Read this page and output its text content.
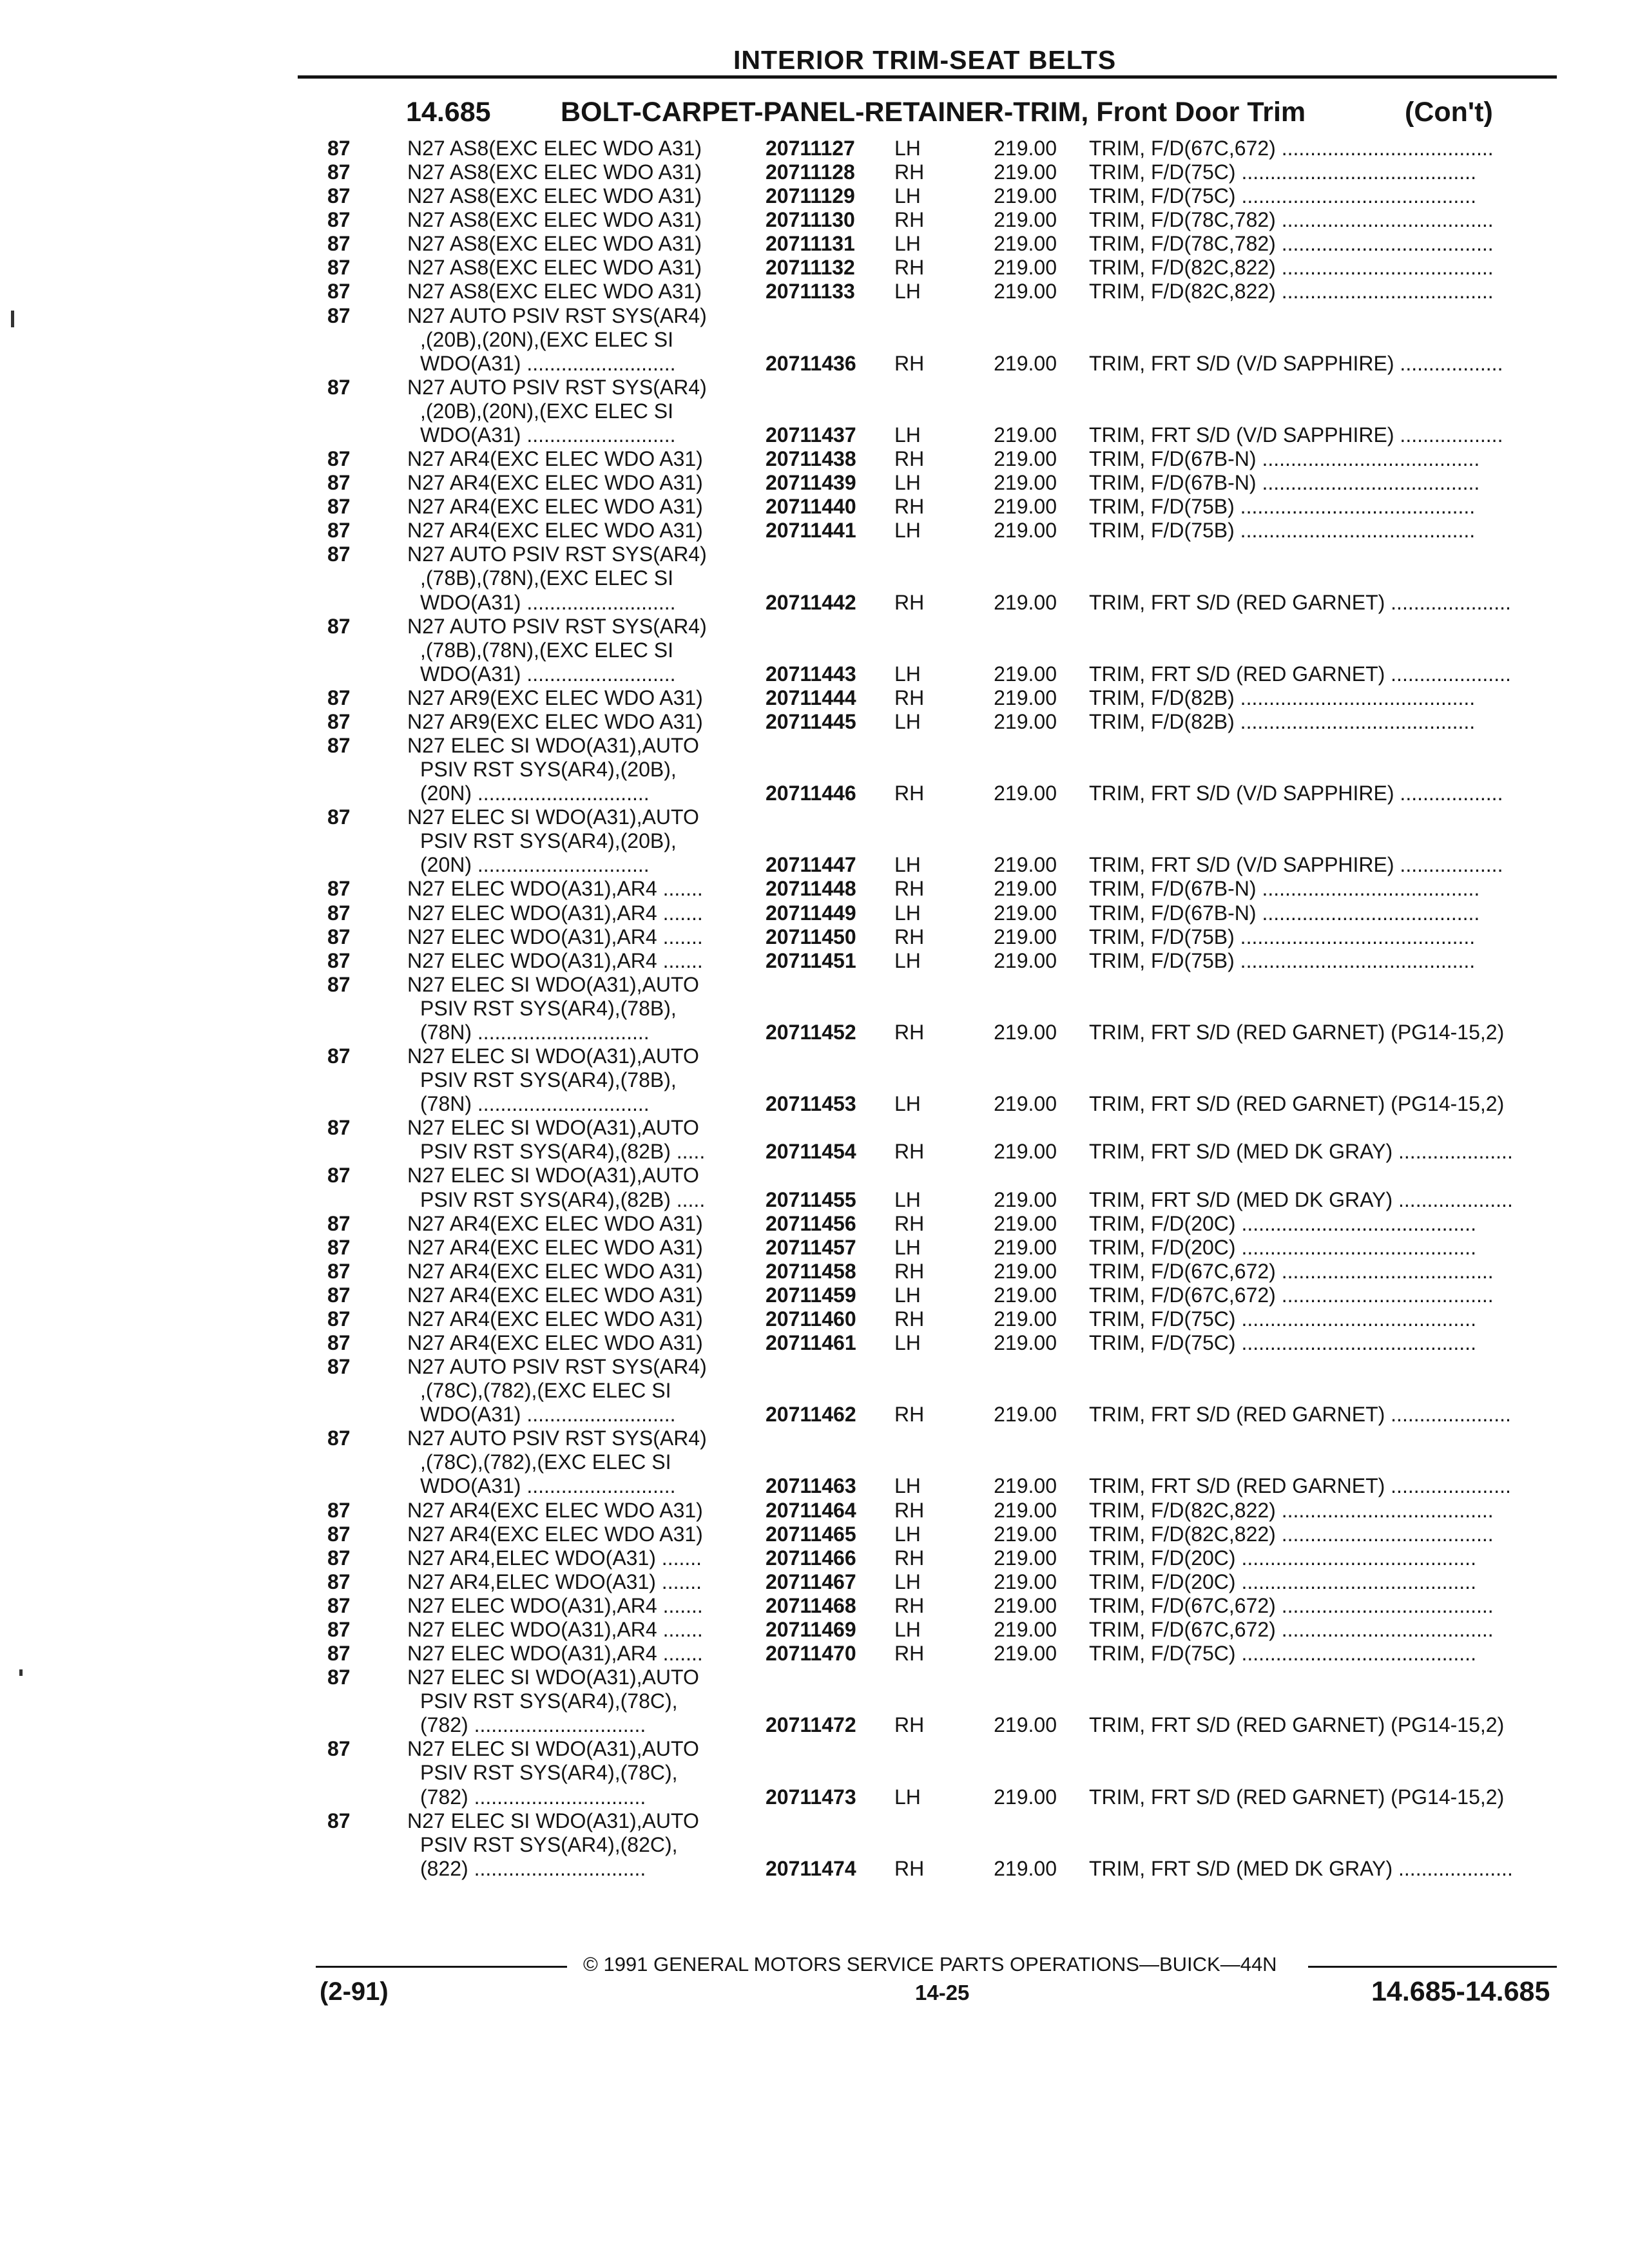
INTERIOR TRIM-SEAT BELTS
14.685	BOLT-CARPET-PANEL-RETAINER-TRIM, Front Door Trim	(Con't)
87	N27 AS8(EXC ELEC WDO A31)	20711127 LH	219.00 TRIM, F/D(67C,672) .....................................
87	N27 AS8(EXC ELEC WDO A31)	20711128 RH	219.00 TRIM, F/D(75C) .........................................
87	N27 AS8(EXC ELEC WDO A31)	20711129 LH	219.00 TRIM, F/D(75C) .........................................
87	N27 AS8(EXC ELEC WDO A31)	20711130 RH	219.00 TRIM, F/D(78C,782) .....................................
87	N27 AS8(EXC ELEC WDO A31)	20711131 LH	219.00 TRIM, F/D(78C,782) .....................................
87	N27 AS8(EXC ELEC WDO A31)	20711132 RH	219.00 TRIM, F/D(82C,822) .....................................
87	N27 AS8(EXC ELEC WDO A31)	20711133 LH	219.00 TRIM, F/D(82C,822) .....................................
87	N27 AUTO PSIV RST SYS(AR4)
,(20B),(20N),(EXC ELEC SI
WDO(A31) ..........................	20711436 RH	219.00 TRIM, FRT S/D (V/D SAPPHIRE) ..................
87	N27 AUTO PSIV RST SYS(AR4)
,(20B),(20N),(EXC ELEC SI
WDO(A31) ..........................	20711437 LH	219.00 TRIM, FRT S/D (V/D SAPPHIRE) ..................
87	N27 AR4(EXC ELEC WDO A31)	20711438 RH	219.00 TRIM, F/D(67B-N) ......................................
87	N27 AR4(EXC ELEC WDO A31)	20711439 LH	219.00 TRIM, F/D(67B-N) ......................................
87	N27 AR4(EXC ELEC WDO A31)	20711440 RH	219.00 TRIM, F/D(75B) .........................................
87	N27 AR4(EXC ELEC WDO A31)	20711441 LH	219.00 TRIM, F/D(75B) .........................................
87	N27 AUTO PSIV RST SYS(AR4)
,(78B),(78N),(EXC ELEC SI
WDO(A31) ..........................	20711442 RH	219.00 TRIM, FRT S/D (RED GARNET) .....................
87	N27 AUTO PSIV RST SYS(AR4)
,(78B),(78N),(EXC ELEC SI
WDO(A31) ..........................	20711443 LH	219.00 TRIM, FRT S/D (RED GARNET) .....................
87	N27 AR9(EXC ELEC WDO A31)	20711444 RH	219.00 TRIM, F/D(82B) .........................................
87	N27 AR9(EXC ELEC WDO A31)	20711445 LH	219.00 TRIM, F/D(82B) .........................................
87	N27 ELEC SI WDO(A31),AUTO
PSIV RST SYS(AR4),(20B),
(20N) ..............................	20711446 RH	219.00 TRIM, FRT S/D (V/D SAPPHIRE) ..................
87	N27 ELEC SI WDO(A31),AUTO
PSIV RST SYS(AR4),(20B),
(20N) ..............................	20711447 LH	219.00 TRIM, FRT S/D (V/D SAPPHIRE) ..................
87	N27 ELEC WDO(A31),AR4 .......	20711448 RH	219.00 TRIM, F/D(67B-N) ......................................
87	N27 ELEC WDO(A31),AR4 .......	20711449 LH	219.00 TRIM, F/D(67B-N) ......................................
87	N27 ELEC WDO(A31),AR4 .......	20711450 RH	219.00 TRIM, F/D(75B) .........................................
87	N27 ELEC WDO(A31),AR4 .......	20711451 LH	219.00 TRIM, F/D(75B) .........................................
87	N27 ELEC SI WDO(A31),AUTO
PSIV RST SYS(AR4),(78B),
(78N) ..............................	20711452 RH	219.00 TRIM, FRT S/D (RED GARNET) (PG14-15,2)
87	N27 ELEC SI WDO(A31),AUTO
PSIV RST SYS(AR4),(78B),
(78N) ..............................	20711453 LH	219.00 TRIM, FRT S/D (RED GARNET) (PG14-15,2)
87	N27 ELEC SI WDO(A31),AUTO
PSIV RST SYS(AR4),(82B) .....	20711454 RH	219.00 TRIM, FRT S/D (MED DK GRAY) ....................
87	N27 ELEC SI WDO(A31),AUTO
PSIV RST SYS(AR4),(82B) .....	20711455 LH	219.00 TRIM, FRT S/D (MED DK GRAY) ....................
87	N27 AR4(EXC ELEC WDO A31)	20711456 RH	219.00 TRIM, F/D(20C) .........................................
87	N27 AR4(EXC ELEC WDO A31)	20711457 LH	219.00 TRIM, F/D(20C) .........................................
87	N27 AR4(EXC ELEC WDO A31)	20711458 RH	219.00 TRIM, F/D(67C,672) .....................................
87	N27 AR4(EXC ELEC WDO A31)	20711459 LH	219.00 TRIM, F/D(67C,672) .....................................
87	N27 AR4(EXC ELEC WDO A31)	20711460 RH	219.00 TRIM, F/D(75C) .........................................
87	N27 AR4(EXC ELEC WDO A31)	20711461 LH	219.00 TRIM, F/D(75C) .........................................
87	N27 AUTO PSIV RST SYS(AR4)
,(78C),(782),(EXC ELEC SI
WDO(A31) ..........................	20711462 RH	219.00 TRIM, FRT S/D (RED GARNET) .....................
87	N27 AUTO PSIV RST SYS(AR4)
,(78C),(782),(EXC ELEC SI
WDO(A31) ..........................	20711463 LH	219.00 TRIM, FRT S/D (RED GARNET) .....................
87	N27 AR4(EXC ELEC WDO A31)	20711464 RH	219.00 TRIM, F/D(82C,822) .....................................
87	N27 AR4(EXC ELEC WDO A31)	20711465 LH	219.00 TRIM, F/D(82C,822) .....................................
87	N27 AR4,ELEC WDO(A31) .......	20711466 RH	219.00 TRIM, F/D(20C) .........................................
87	N27 AR4,ELEC WDO(A31) .......	20711467 LH	219.00 TRIM, F/D(20C) .........................................
87	N27 ELEC WDO(A31),AR4 .......	20711468 RH	219.00 TRIM, F/D(67C,672) .....................................
87	N27 ELEC WDO(A31),AR4 .......	20711469 LH	219.00 TRIM, F/D(67C,672) .....................................
87	N27 ELEC WDO(A31),AR4 .......	20711470 RH	219.00 TRIM, F/D(75C) .........................................
87	N27 ELEC SI WDO(A31),AUTO
PSIV RST SYS(AR4),(78C),
(782) ..............................	20711472 RH	219.00 TRIM, FRT S/D (RED GARNET) (PG14-15,2)
87	N27 ELEC SI WDO(A31),AUTO
PSIV RST SYS(AR4),(78C),
(782) ..............................	20711473 LH	219.00 TRIM, FRT S/D (RED GARNET) (PG14-15,2)
87	N27 ELEC SI WDO(A31),AUTO
PSIV RST SYS(AR4),(82C),
(822) ..............................	20711474 RH	219.00 TRIM, FRT S/D (MED DK GRAY) ....................
© 1991 GENERAL MOTORS SERVICE PARTS OPERATIONS—BUICK—44N
(2-91)	14-25	14.685-14.685
